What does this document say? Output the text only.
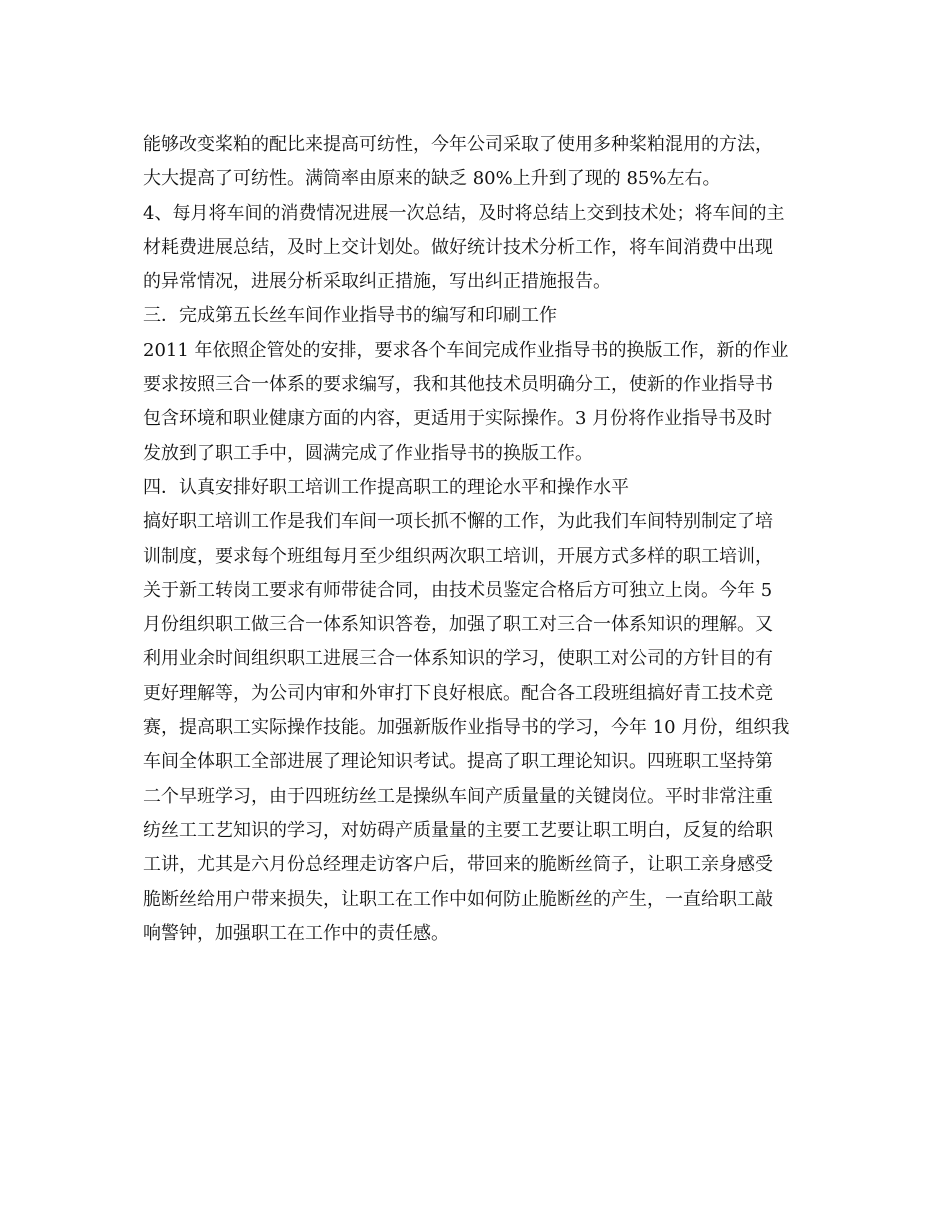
能够改变桨粕的配比来提高可纺性，今年公司采取了使用多种桨粕混用的方法，
大大提高了可纺性。满筒率由原来的缺乏 80%上升到了现的 85%左右。
4、每月将车间的消费情况进展一次总结，及时将总结上交到技术处；将车间的主
材耗费进展总结，及时上交计划处。做好统计技术分析工作，将车间消费中出现
的异常情况，进展分析采取纠正措施，写出纠正措施报告。
三．完成第五长丝车间作业指导书的编写和印刷工作
2011 年依照企管处的安排，要求各个车间完成作业指导书的换版工作，新的作业
要求按照三合一体系的要求编写，我和其他技术员明确分工，使新的作业指导书
包含环境和职业健康方面的内容，更适用于实际操作。3 月份将作业指导书及时
发放到了职工手中，圆满完成了作业指导书的换版工作。
四．认真安排好职工培训工作提高职工的理论水平和操作水平
搞好职工培训工作是我们车间一项长抓不懈的工作，为此我们车间特别制定了培
训制度，要求每个班组每月至少组织两次职工培训，开展方式多样的职工培训，
关于新工转岗工要求有师带徒合同，由技术员鉴定合格后方可独立上岗。今年 5
月份组织职工做三合一体系知识答卷，加强了职工对三合一体系知识的理解。又
利用业余时间组织职工进展三合一体系知识的学习，使职工对公司的方针目的有
更好理解等，为公司内审和外审打下良好根底。配合各工段班组搞好青工技术竞
赛，提高职工实际操作技能。加强新版作业指导书的学习，今年 10 月份，组织我
车间全体职工全部进展了理论知识考试。提高了职工理论知识。四班职工坚持第
二个早班学习，由于四班纺丝工是操纵车间产质量量的关键岗位。平时非常注重
纺丝工工艺知识的学习，对妨碍产质量量的主要工艺要让职工明白，反复的给职
工讲，尤其是六月份总经理走访客户后，带回来的脆断丝筒子，让职工亲身感受
脆断丝给用户带来损失，让职工在工作中如何防止脆断丝的产生，一直给职工敲
响警钟，加强职工在工作中的责任感。
